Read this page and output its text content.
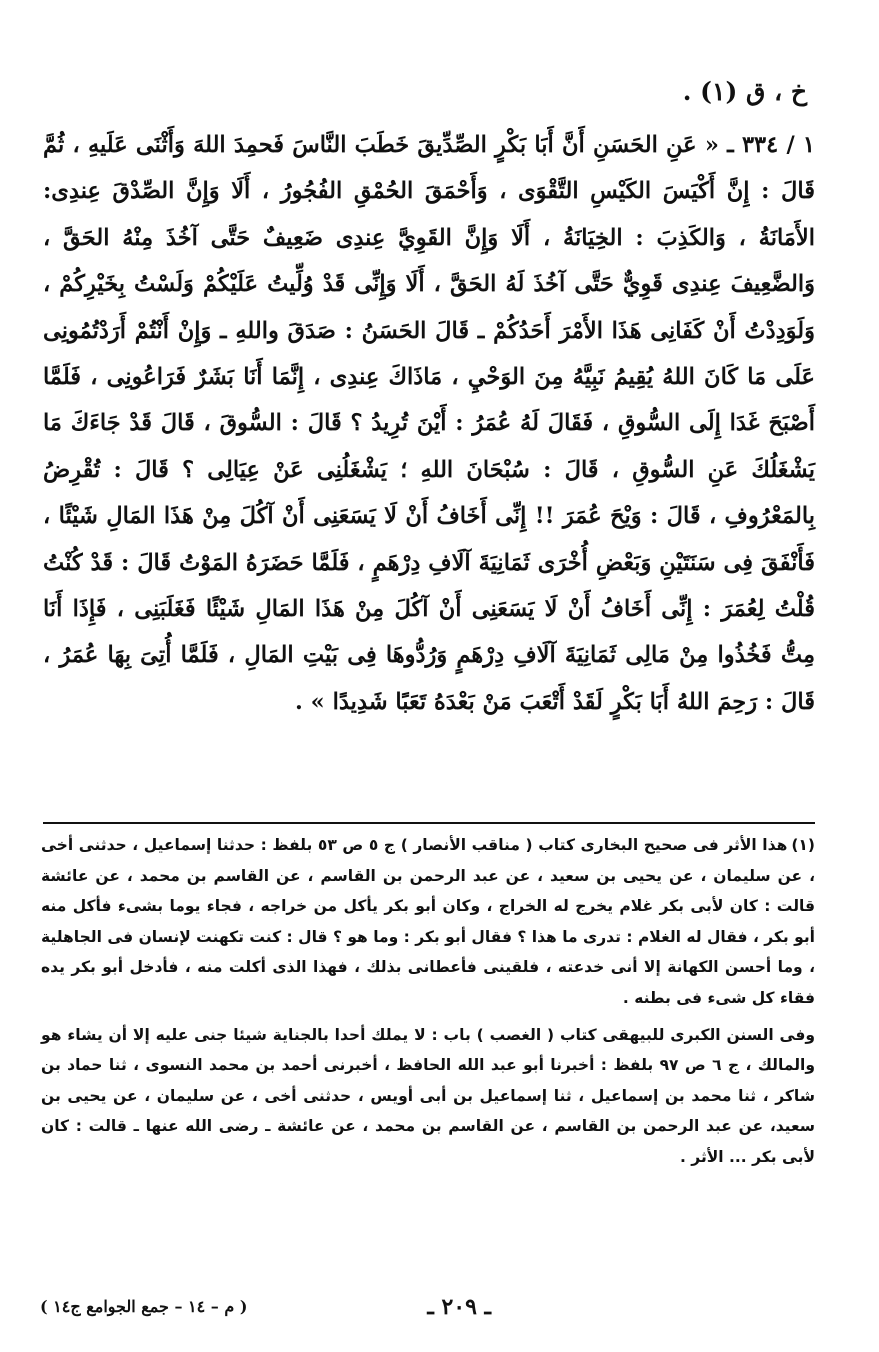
خ ، ق (١) .
١ / ٣٣٤ ـ « عَنِ الحَسَنِ أَنَّ أَبَا بَكْرٍ الصِّدِّيقَ خَطَبَ النَّاسَ فَحمِدَ اللهَ وَأَثْنَى عَلَيهِ ، ثُمَّ قَالَ : إِنَّ أَكْيَسَ الكَيْسِ التَّقْوَى ، وَأَحْمَقَ الحُمْقِ الفُجُورُ ، أَلَا وَإِنَّ الصِّدْقَ عِندِى: الأَمَانَةُ ، وَالكَذِبَ : الخِيَانَةُ ، أَلَا وَإِنَّ القَوِيَّ عِندِى ضَعِيفٌ حَتَّى آخُذَ مِنْهُ الحَقَّ ، وَالضَّعِيفَ عِندِى قَوِيٌّ حَتَّى آخُذَ لَهُ الحَقَّ ، أَلَا وَإِنِّى قَدْ وُلِّيتُ عَلَيْكُمْ وَلَسْتُ بِخَيْرِكُمْ ، وَلَوَدِدْتُ أَنْ كَفَانِى هَذَا الأَمْرَ أَحَدُكُمْ ـ قَالَ الحَسَنُ : صَدَقَ واللهِ ـ وَإِنْ أَنْتُمْ أَرَدْتُمُونِى عَلَى مَا كَانَ اللهُ يُقِيمُ نَبِيَّهُ مِنَ الوَحْيِ ، مَاذَاكَ عِندِى ، إِنَّمَا أَنَا بَشَرٌ فَرَاعُونِى ، فَلَمَّا أَصْبَحَ غَدَا إِلَى السُّوقِ ، فَقَالَ لَهُ عُمَرُ : أَيْنَ تُرِيدُ ؟ قَالَ : السُّوقَ ، قَالَ قَدْ جَاءَكَ مَا يَشْغَلُكَ عَنِ السُّوقِ ، قَالَ : سُبْحَانَ اللهِ ؛ يَشْغَلُنِى عَنْ عِيَالِى ؟ قَالَ : تُقْرِضُ بِالمَعْرُوفِ ، قَالَ : وَيْحَ عُمَرَ !! إِنِّى أَخَافُ أَنْ لَا يَسَعَنِى أَنْ آكُلَ مِنْ هَذَا المَالِ شَيْئًا ، فَأَنْفَقَ فِى سَنَتَيْنِ وَبَعْضِ أُخْرَى ثَمَانِيَةَ آلَافِ دِرْهَمٍ ، فَلَمَّا حَضَرَهُ المَوْتُ قَالَ : قَدْ كُنْتُ قُلْتُ لِعُمَرَ : إِنِّى أَخَافُ أَنْ لَا يَسَعَنِى أَنْ آكُلَ مِنْ هَذَا المَالِ شَيْئًا فَغَلَبَنِى ، فَإِذَا أَنَا مِتُّ فَخُذُوا مِنْ مَالِى ثَمَانِيَةَ آلَافِ دِرْهَمٍ وَرُدُّوهَا فِى بَيْتِ المَالِ ، فَلَمَّا أُتِىَ بِهَا عُمَرُ ، قَالَ : رَحِمَ اللهُ أَبَا بَكْرٍ لَقَدْ أَتْعَبَ مَنْ بَعْدَهُ تَعَبًا شَدِيدًا » .

(١)هذا الأثر فى صحيح البخارى كتاب ( مناقب الأنصار ) ج ٥ ص ٥٣ بلفظ : حدثنا إسماعيل ، حدثنى أخى ، عن سليمان ، عن يحيى بن سعيد ، عن عبد الرحمن بن القاسم ، عن القاسم بن محمد ، عن عائشة قالت : كان لأبى بكر غلام يخرج له الخراج ، وكان أبو بكر يأكل من خراجه ، فجاء يوما بشىء فأكل منه أبو بكر ، فقال له الغلام : تدرى ما هذا ؟ فقال أبو بكر : وما هو ؟ قال : كنت تكهنت لإنسان فى الجاهلية ، وما أحسن الكهانة إلا أنى خدعته ، فلقينى فأعطانى بذلك ، فهذا الذى أكلت منه ، فأدخل أبو بكر يده فقاء كل شىء فى بطنه .

وفى السنن الكبرى للبيهقى كتاب ( الغصب ) باب : لا يملك أحدا بالجناية شيئا جنى عليه إلا أن يشاء هو والمالك ، ج ٦ ص ٩٧ بلفظ : أخبرنا أبو عبد الله الحافظ ، أخبرنى أحمد بن محمد النسوى ، ثنا حماد بن شاكر ، ثنا محمد بن إسماعيل ، ثنا إسماعيل بن أبى أويس ، حدثنى أخى ، عن سليمان ، عن يحيى بن سعيد، عن عبد الرحمن بن القاسم ، عن القاسم بن محمد ، عن عائشة ـ رضى الله عنها ـ قالت : كان لأبى بكر ... الأثر .

ـ ٢٠٩ ـ
( م – ١٤ – جمع الجوامع ج١٤ )
